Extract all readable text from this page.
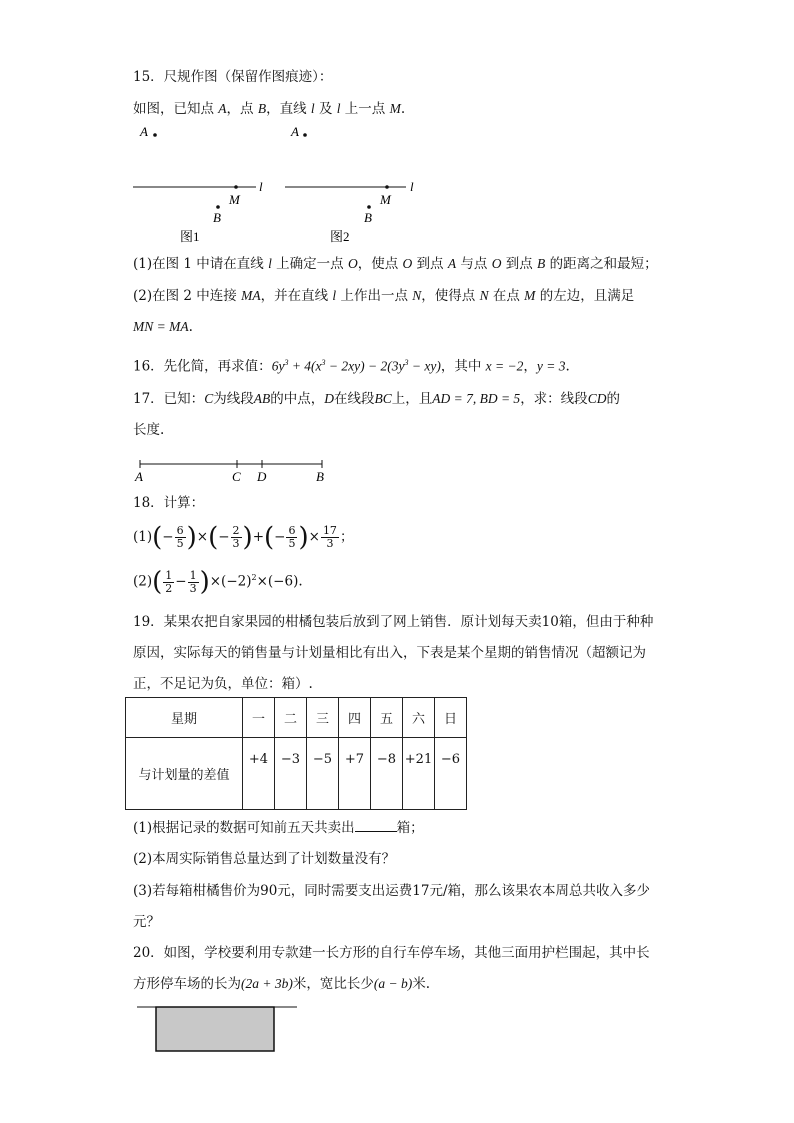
15．尺规作图（保留作图痕迹）：
如图，已知点 A，点 B，直线 l 及 l 上一点 M.
A
l
M
B
图1
A
l
M
B
图2
(1)在图 1 中请在直线 l 上确定一点 O，使点 O 到点 A 与点 O 到点 B 的距离之和最短；
(2)在图 2 中连接 MA，并在直线 l 上作出一点 N，使得点 N 在点 M 的左边，且满足
MN = MA.
16．先化简，再求值：$6y^3 + 4(x^3 - 2xy) - 2(3y^3 - xy)$，其中 x = −2，y = 3.
17．已知：C为线段AB的中点，D在线段BC上，且AD = 7, BD = 5，求：线段CD的
长度.
A	C D	B
18．计算：
$(1)(- \frac{6}{5}$ )×(− $\frac{2}{3}$ )+(− $\frac{6}{5}$ )× $\frac{17}{3}$ ；
$(2)( \frac{1}{2} - \frac{1}{3} )\times(-2)^2\times(-6)$.
19．某果农把自家果园的柑橘包装后放到了网上销售．原计划每天卖10箱，但由于种种
原因，实际每天的销售量与计划量相比有出入，下表是某个星期的销售情况（超额记为
正，不足记为负，单位：箱）.
星期	一	二	三	四	五	六	日
与计划量的差值	+4	−3	−5	+7	−8	+21	−6
(1)根据记录的数据可知前五天共卖出	箱；
(2)本周实际销售总量达到了计划数量没有？
(3)若每箱柑橘售价为90元，同时需要支出运费17元/箱，那么该果农本周总共收入多少
元？
20．如图，学校要利用专款建一长方形的自行车停车场，其他三面用护栏围起，其中长
方形停车场的长为(2a + 3b)米，宽比长少(a − b)米.
